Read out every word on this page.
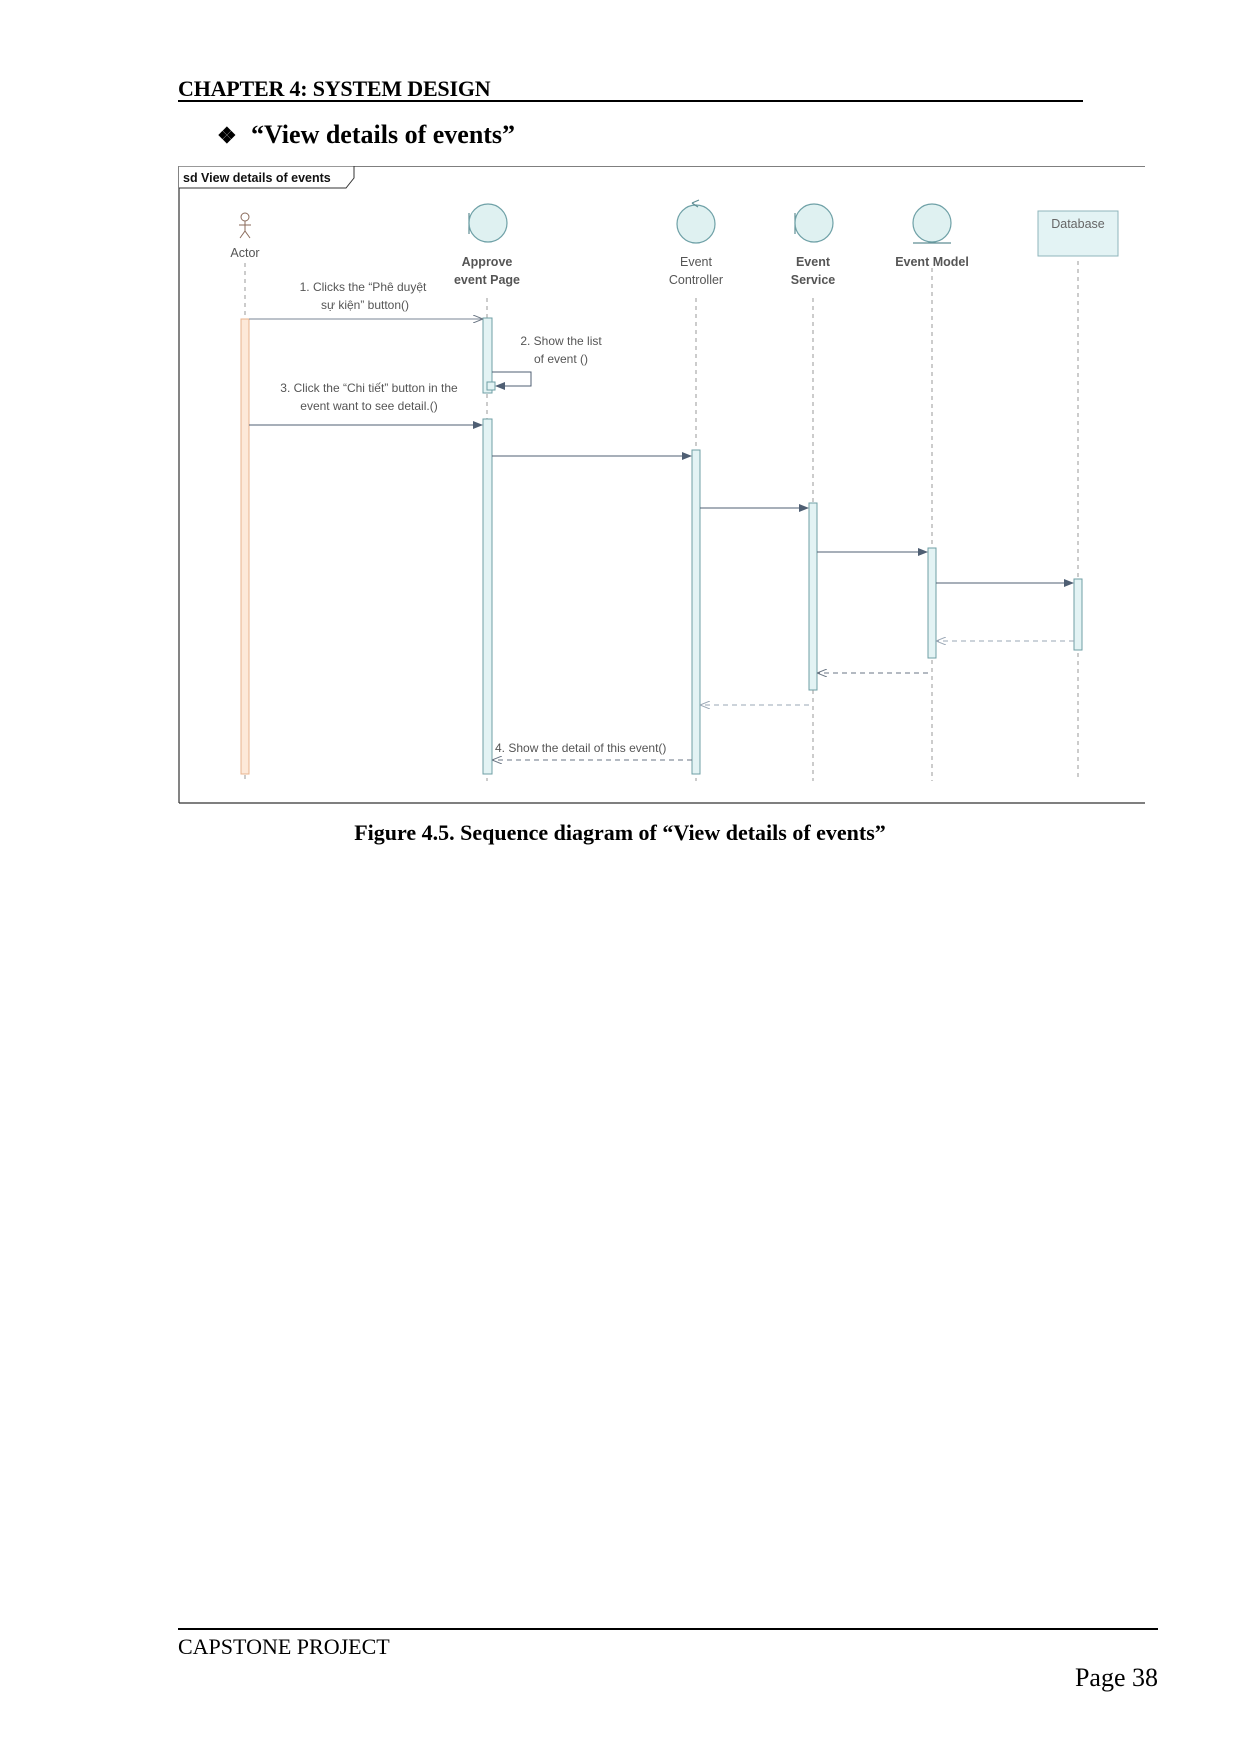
CHAPTER 4: SYSTEM DESIGN
❖ “View details of events”
sd View details of events
Actor
Approve
event Page
Event
Controller
Event
Service
Event Model
Database
1. Clicks the “Phê duyệt
sự kiện” button()
2. Show the list
of event ()
3. Click the “Chi tiết” button in the
event want to see detail.()
4. Show the detail of this event()
Figure 4.5. Sequence diagram of “View details of events”
CAPSTONE PROJECT
Page 38
